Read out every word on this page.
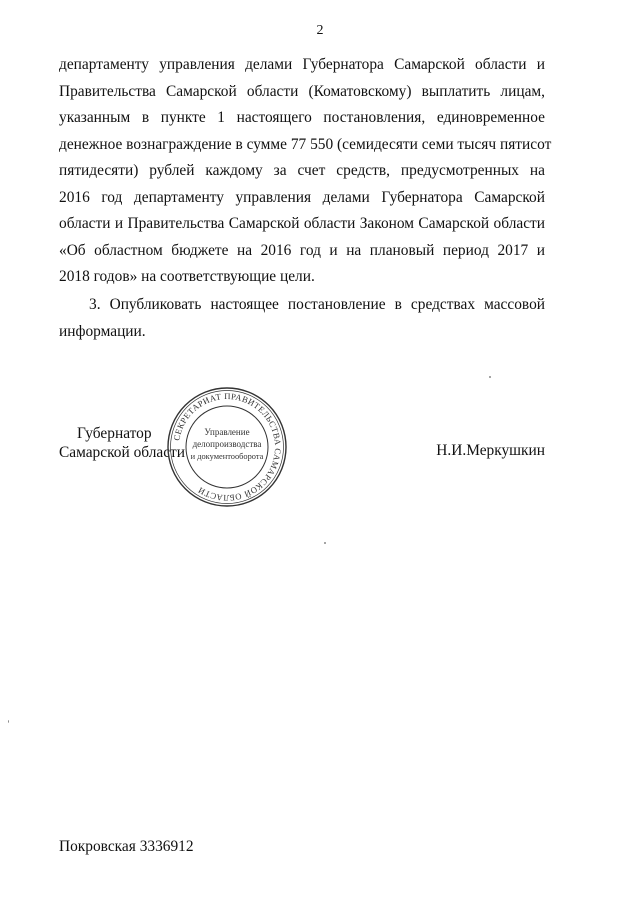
2
департаменту управления делами Губернатора Самарской области и
Правительства Самарской области (Коматовскому) выплатить лицам,
указанным в пункте 1 настоящего постановления, единовременное
денежное вознаграждение в сумме 77 550 (семидесяти семи тысяч пятисот
пятидесяти) рублей каждому за счет средств, предусмотренных на
2016 год департаменту управления делами Губернатора Самарской
области и Правительства Самарской области Законом Самарской области
«Об областном бюджете на 2016 год и на плановый период 2017 и
2018 годов» на соответствующие цели.
3. Опубликовать настоящее постановление в средствах массовой
информации.
Губернатор
Самарской области	Н.И.Меркушкин
СЕКРЕТАРИАТ ПРАВИТЕЛЬСТВА САМАРСКОЙ ОБЛАСТИ
Управление
делопроизводства
и документооборота
Покровская 3336912
